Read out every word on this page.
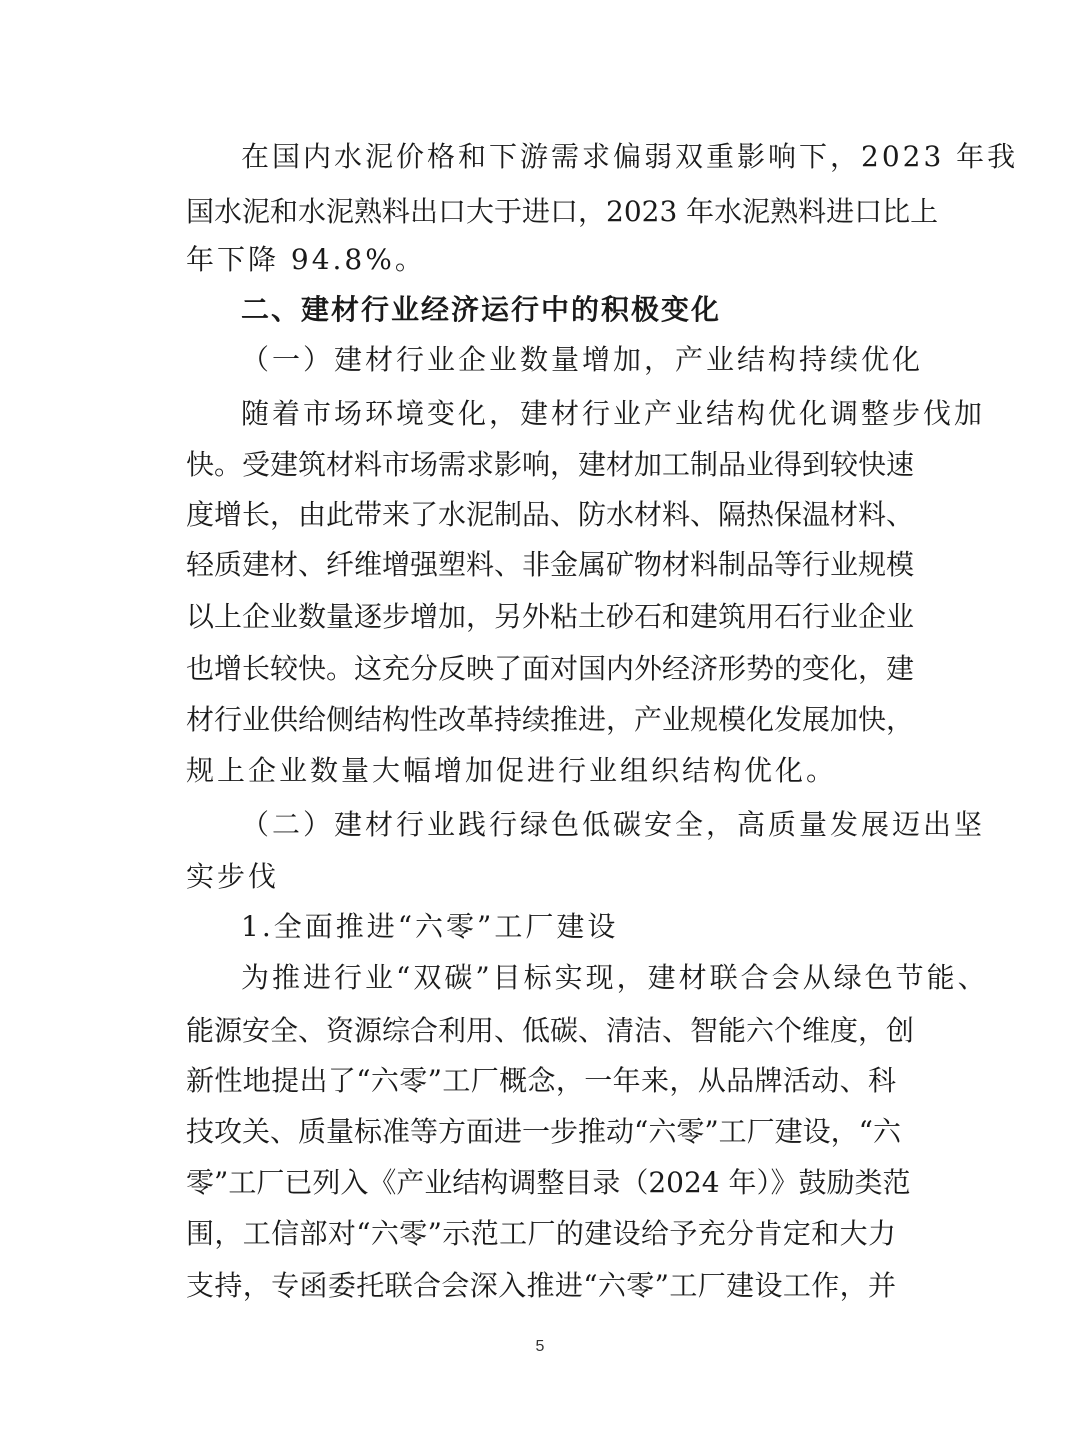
在国内水泥价格和下游需求偏弱双重影响下，2023 年我
国水泥和水泥熟料出口大于进口，2023 年水泥熟料进口比上
年下降 94.8%。
二、建材行业经济运行中的积极变化
（一）建材行业企业数量增加，产业结构持续优化
随着市场环境变化，建材行业产业结构优化调整步伐加
快。受建筑材料市场需求影响，建材加工制品业得到较快速
度增长，由此带来了水泥制品、防水材料、隔热保温材料、
轻质建材、纤维增强塑料、非金属矿物材料制品等行业规模
以上企业数量逐步增加，另外粘土砂石和建筑用石行业企业
也增长较快。这充分反映了面对国内外经济形势的变化，建
材行业供给侧结构性改革持续推进，产业规模化发展加快，
规上企业数量大幅增加促进行业组织结构优化。
（二）建材行业践行绿色低碳安全，高质量发展迈出坚
实步伐
1.全面推进“六零”工厂建设
为推进行业“双碳”目标实现，建材联合会从绿色节能、
能源安全、资源综合利用、低碳、清洁、智能六个维度，创
新性地提出了“六零”工厂概念，一年来，从品牌活动、科
技攻关、质量标准等方面进一步推动“六零”工厂建设，“六
零”工厂已列入《产业结构调整目录（2024 年）》鼓励类范
围，工信部对“六零”示范工厂的建设给予充分肯定和大力
支持，专函委托联合会深入推进“六零”工厂建设工作，并
5
